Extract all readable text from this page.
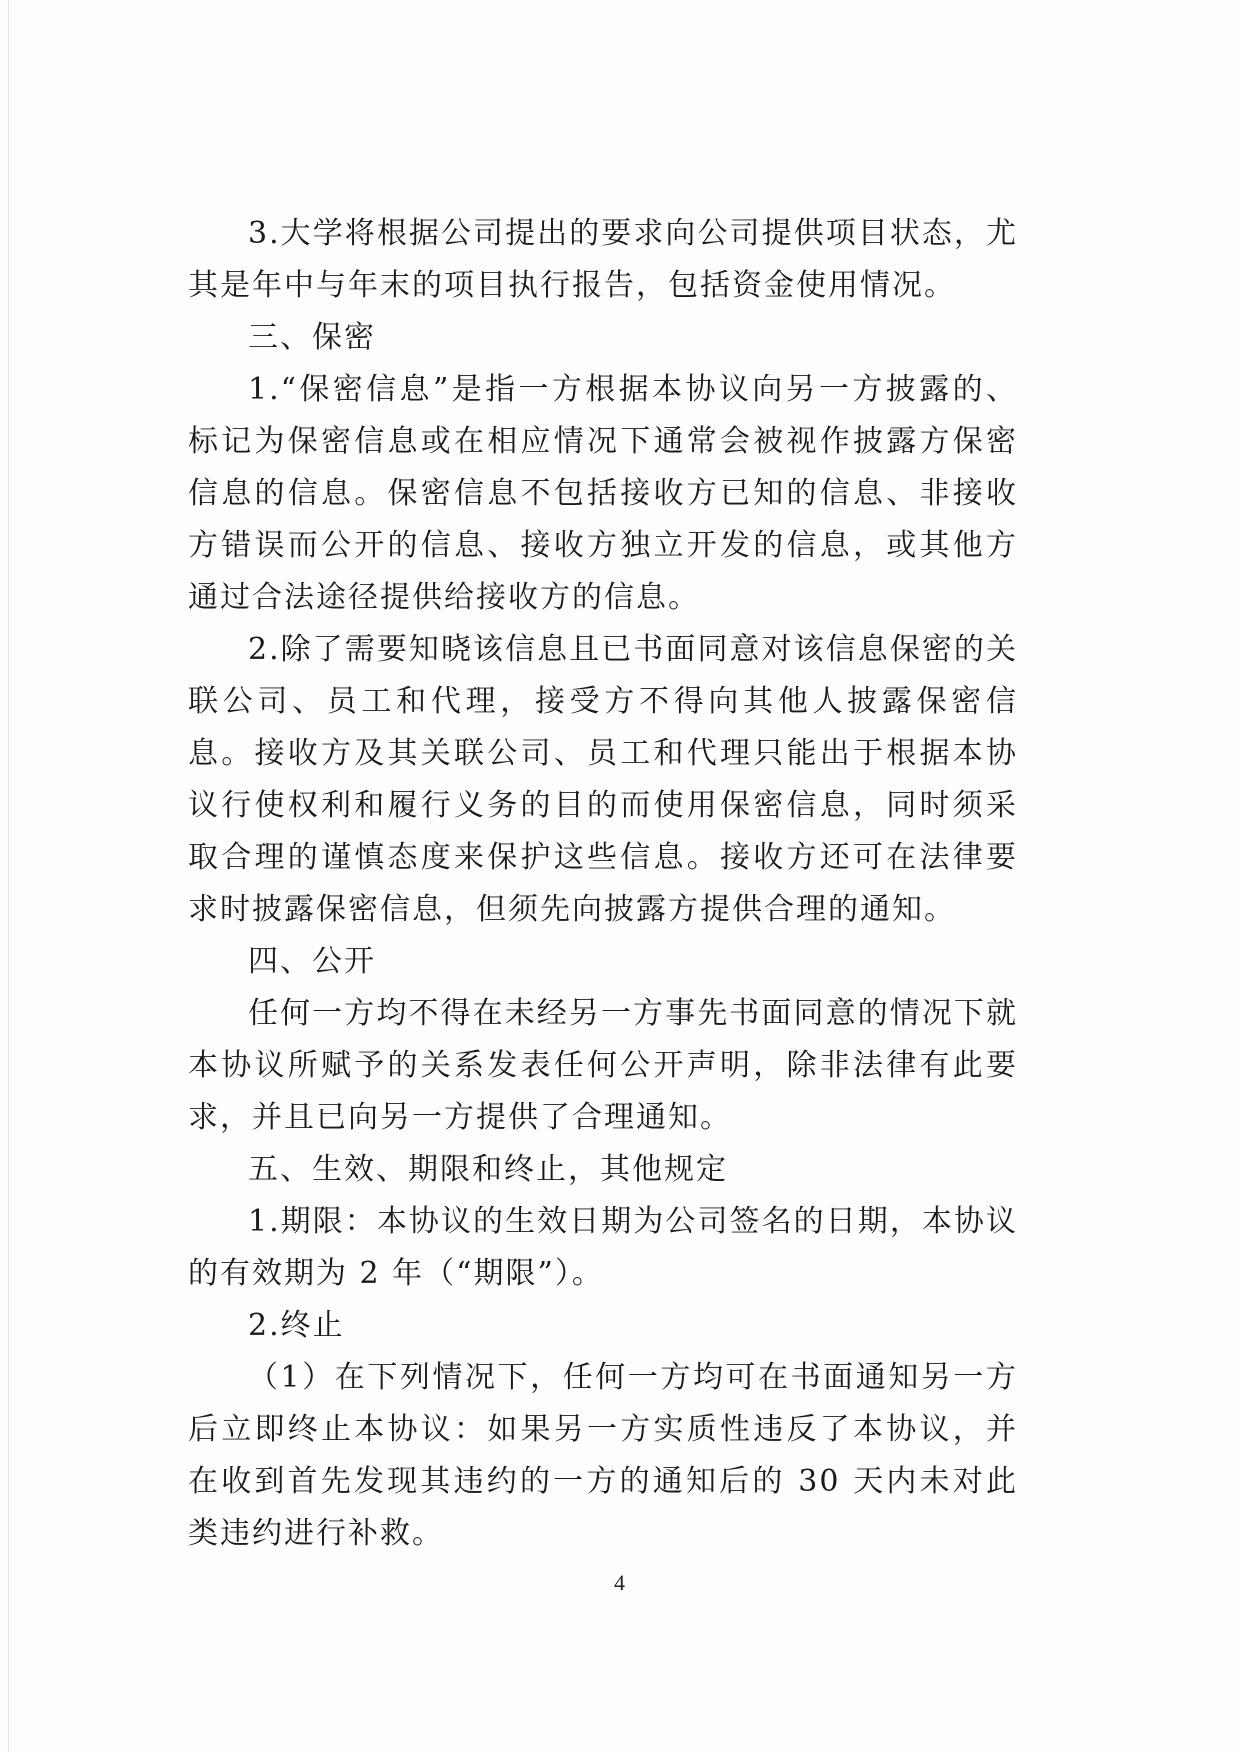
3.大学将根据公司提出的要求向公司提供项目状态，尤其是年中与年末的项目执行报告，包括资金使用情况。

三、保密

1.“保密信息”是指一方根据本协议向另一方披露的、标记为保密信息或在相应情况下通常会被视作披露方保密信息的信息。保密信息不包括接收方已知的信息、非接收方错误而公开的信息、接收方独立开发的信息，或其他方通过合法途径提供给接收方的信息。

2.除了需要知晓该信息且已书面同意对该信息保密的关联公司、员工和代理，接受方不得向其他人披露保密信息。接收方及其关联公司、员工和代理只能出于根据本协议行使权利和履行义务的目的而使用保密信息，同时须采取合理的谨慎态度来保护这些信息。接收方还可在法律要求时披露保密信息，但须先向披露方提供合理的通知。

四、公开

任何一方均不得在未经另一方事先书面同意的情况下就本协议所赋予的关系发表任何公开声明，除非法律有此要求，并且已向另一方提供了合理通知。

五、生效、期限和终止，其他规定

1.期限：本协议的生效日期为公司签名的日期，本协议的有效期为 2 年（“期限”）。

2.终止

（1）在下列情况下，任何一方均可在书面通知另一方后立即终止本协议：如果另一方实质性违反了本协议，并在收到首先发现其违约的一方的通知后的 30 天内未对此类违约进行补救。

4
